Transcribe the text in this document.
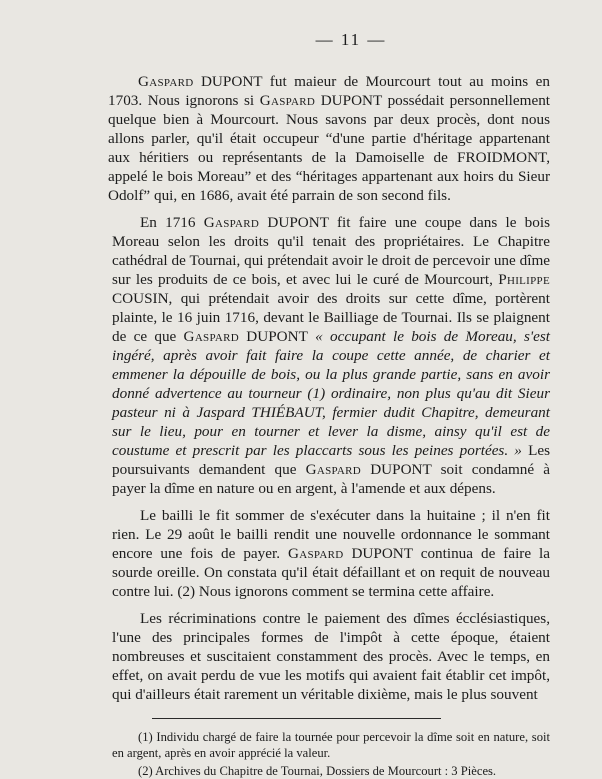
— 11 —

Gaspard DUPONT fut maieur de Mourcourt tout au moins en 1703. Nous ignorons si Gaspard DUPONT possédait personnellement quelque bien à Mourcourt. Nous savons par deux procès, dont nous allons parler, qu'il était occupeur “d'une partie d'héritage appartenant aux héritiers ou représentants de la Damoiselle de FROIDMONT, appelé le bois Moreau” et des “héritages appartenant aux hoirs du Sieur Odolf” qui, en 1686, avait été parrain de son second fils.

En 1716 Gaspard DUPONT fit faire une coupe dans le bois Moreau selon les droits qu'il tenait des propriétaires. Le Chapitre cathédral de Tournai, qui prétendait avoir le droit de percevoir une dîme sur les produits de ce bois, et avec lui le curé de Mourcourt, Philippe COUSIN, qui prétendait avoir des droits sur cette dîme, portèrent plainte, le 16 juin 1716, devant le Bailliage de Tournai. Ils se plaignent de ce que Gaspard DUPONT « occupant le bois de Moreau, s'est ingéré, après avoir fait faire la coupe cette année, de charier et emmener la dépouille de bois, ou la plus grande partie, sans en avoir donné advertence au tourneur (1) ordinaire, non plus qu'au dit Sieur pasteur ni à Jaspard THIÉBAUT, fermier dudit Chapitre, demeurant sur le lieu, pour en tourner et lever la disme, ainsy qu'il est de coustume et prescrit par les placcarts sous les peines portées. » Les poursuivants demandent que Gaspard DUPONT soit condamné à payer la dîme en nature ou en argent, à l'amende et aux dépens.

Le bailli le fit sommer de s'exécuter dans la huitaine ; il n'en fit rien. Le 29 août le bailli rendit une nouvelle ordonnance le sommant encore une fois de payer. Gaspard DUPONT continua de faire la sourde oreille. On constata qu'il était défaillant et on requit de nouveau contre lui. (2) Nous ignorons comment se termina cette affaire.

Les récriminations contre le paiement des dîmes écclésiastiques, l'une des principales formes de l'impôt à cette époque, étaient nombreuses et suscitaient constamment des procès. Avec le temps, en effet, on avait perdu de vue les motifs qui avaient fait établir cet impôt, qui d'ailleurs était rarement un véritable dixième, mais le plus souvent

(1) Individu chargé de faire la tournée pour percevoir la dîme soit en nature, soit en argent, après en avoir apprécié la valeur.

(2) Archives du Chapitre de Tournai, Dossiers de Mourcourt : 3 Pièces.
